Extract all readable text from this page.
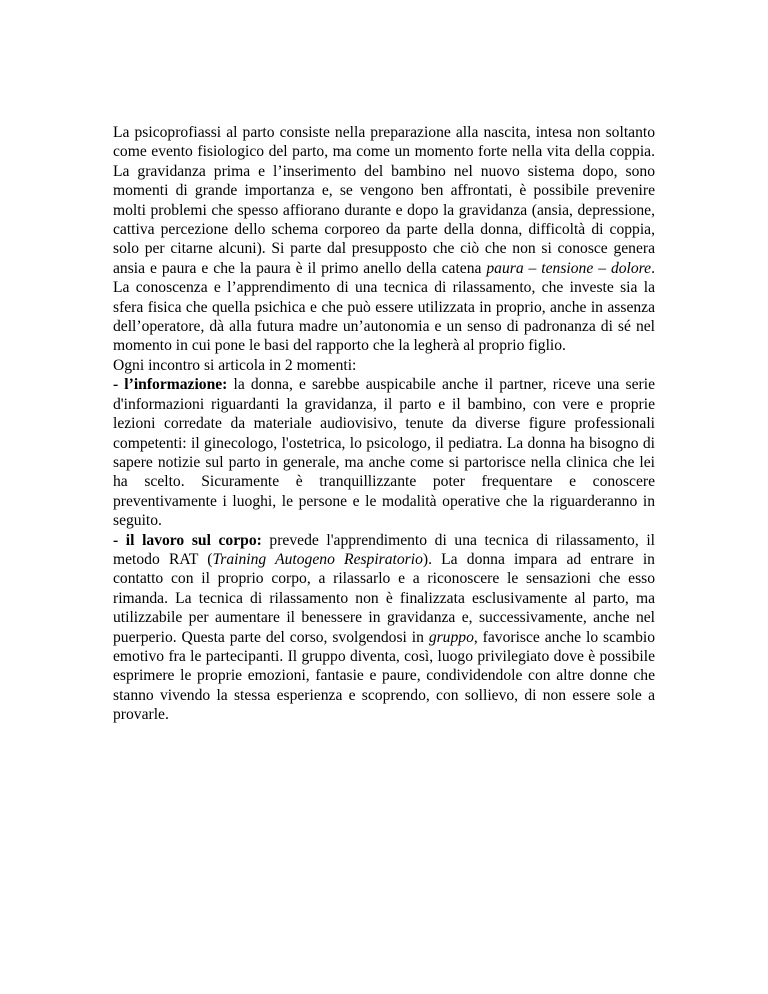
La psicoprofiassi al parto consiste nella preparazione alla nascita, intesa non soltanto come evento fisiologico del parto, ma come un momento forte nella vita della coppia. La gravidanza prima e l’inserimento del bambino nel nuovo sistema dopo, sono momenti di grande importanza e, se vengono ben affrontati, è possibile prevenire molti problemi che spesso affiorano durante e dopo la gravidanza (ansia, depressione, cattiva percezione dello schema corporeo da parte della donna, difficoltà di coppia, solo per citarne alcuni). Si parte dal presupposto che ciò che non si conosce genera ansia e paura e che la paura è il primo anello della catena paura – tensione – dolore. La conoscenza e l’apprendimento di una tecnica di rilassamento, che investe sia la sfera fisica che quella psichica e che può essere utilizzata in proprio, anche in assenza dell’operatore, dà alla futura madre un’autonomia e un senso di padronanza di sé nel momento in cui pone le basi del rapporto che la legherà al proprio figlio.

Ogni incontro si articola in 2 momenti:

- l’informazione: la donna, e sarebbe auspicabile anche il partner, riceve una serie d'informazioni riguardanti la gravidanza, il parto e il bambino, con vere e proprie lezioni corredate da materiale audiovisivo, tenute da diverse figure professionali competenti: il ginecologo, l'ostetrica, lo psicologo, il pediatra. La donna ha bisogno di sapere notizie sul parto in generale, ma anche come si partorisce nella clinica che lei ha scelto. Sicuramente è tranquillizzante poter frequentare e conoscere preventivamente i luoghi, le persone e le modalità operative che la riguarderanno in seguito.

- il lavoro sul corpo: prevede l'apprendimento di una tecnica di rilassamento, il metodo RAT (Training Autogeno Respiratorio). La donna impara ad entrare in contatto con il proprio corpo, a rilassarlo e a riconoscere le sensazioni che esso rimanda. La tecnica di rilassamento non è finalizzata esclusivamente al parto, ma utilizzabile per aumentare il benessere in gravidanza e, successivamente, anche nel puerperio. Questa parte del corso, svolgendosi in gruppo, favorisce anche lo scambio emotivo fra le partecipanti. Il gruppo diventa, così, luogo privilegiato dove è possibile esprimere le proprie emozioni, fantasie e paure, condividendole con altre donne che stanno vivendo la stessa esperienza e scoprendo, con sollievo, di non essere sole a provarle.
